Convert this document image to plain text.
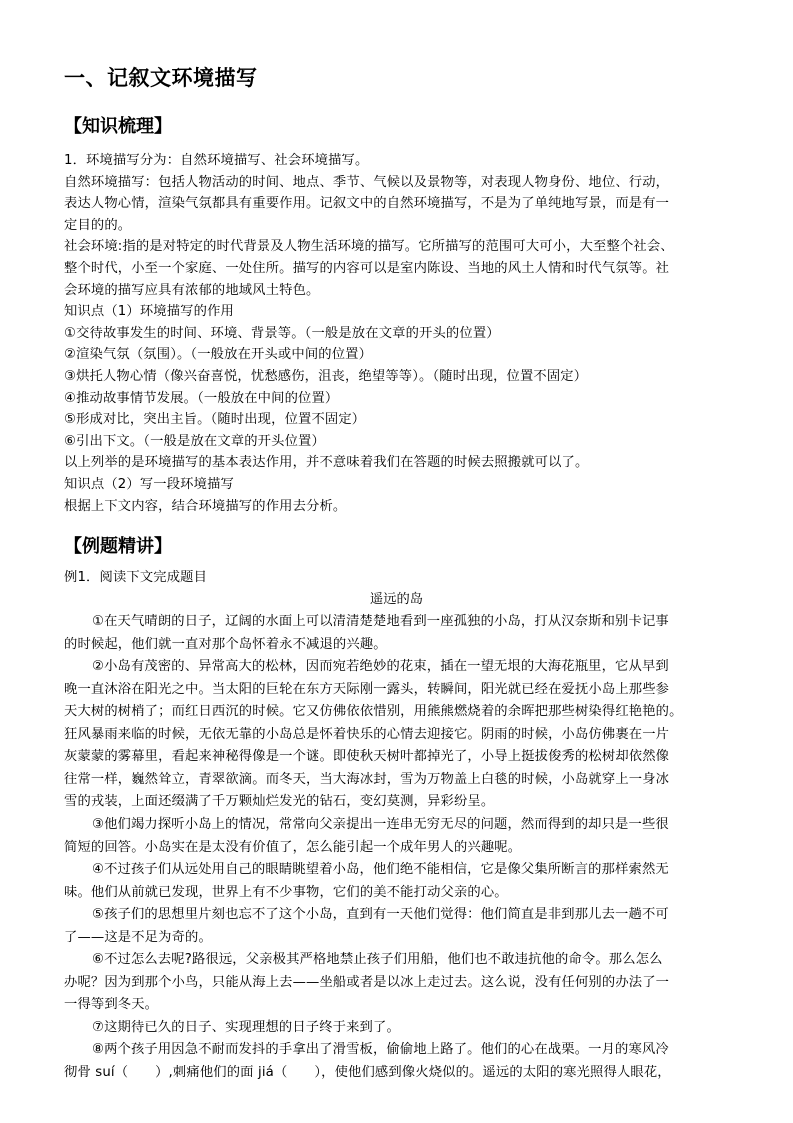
一、记叙文环境描写
【知识梳理】
1．环境描写分为：自然环境描写、社会环境描写。
自然环境描写：包括人物活动的时间、地点、季节、气候以及景物等，对表现人物身份、地位、行动，
表达人物心情，渲染气氛都具有重要作用。记叙文中的自然环境描写，不是为了单纯地写景，而是有一
定目的的。
社会环境:指的是对特定的时代背景及人物生活环境的描写。它所描写的范围可大可小，大至整个社会、
整个时代，小至一个家庭、一处住所。描写的内容可以是室内陈设、当地的风土人情和时代气氛等。社
会环境的描写应具有浓郁的地域风土特色。
知识点（1）环境描写的作用
①交待故事发生的时间、环境、背景等。（一般是放在文章的开头的位置）
②渲染气氛（氛围）。（一般放在开头或中间的位置）
③烘托人物心情（像兴奋喜悦，忧愁感伤，沮丧，绝望等等）。（随时出现，位置不固定）
④推动故事情节发展。（一般放在中间的位置）
⑤形成对比，突出主旨。（随时出现，位置不固定）
⑥引出下文。（一般是放在文章的开头位置）
以上列举的是环境描写的基本表达作用，并不意味着我们在答题的时候去照搬就可以了。
知识点（2）写一段环境描写
根据上下文内容，结合环境描写的作用去分析。
【例题精讲】
例1．阅读下文完成题目
遥远的岛
①在天气晴朗的日子，辽阔的水面上可以清清楚楚地看到一座孤独的小岛，打从汉奈斯和别卡记事
的时候起，他们就一直对那个岛怀着永不减退的兴趣。
②小岛有茂密的、异常高大的松林，因而宛若绝妙的花束，插在一望无垠的大海花瓶里，它从早到
晚一直沐浴在阳光之中。当太阳的巨轮在东方天际刚一露头，转瞬间，阳光就已经在爱抚小岛上那些参
天大树的树梢了；而红日西沉的时候。它又仿佛依依惜别，用熊熊燃烧着的余晖把那些树染得红艳艳的。
狂风暴雨来临的时候，无依无靠的小岛总是怀着快乐的心情去迎接它。阴雨的时候，小岛仿佛裹在一片
灰蒙蒙的雾幕里，看起来神秘得像是一个谜。即使秋天树叶都掉光了，小导上挺拔俊秀的松树却依然像
往常一样，巍然耸立，青翠欲滴。而冬天，当大海冰封，雪为万物盖上白毯的时候，小岛就穿上一身冰
雪的戎装，上面还缀满了千万颗灿烂发光的钻石，变幻莫测，异彩纷呈。
③他们竭力探听小岛上的情况，常常向父亲提出一连串无穷无尽的问题，然而得到的却只是一些很
简短的回答。小岛实在是太没有价值了，怎么能引起一个成年男人的兴趣呢。
④不过孩子们从远处用自己的眼睛眺望着小岛，他们绝不能相信，它是像父集所断言的那样索然无
味。他们从前就已发现，世界上有不少事物，它们的美不能打动父亲的心。
⑤孩子们的思想里片刻也忘不了这个小岛，直到有一天他们觉得：他们简直是非到那儿去一趟不可
了——这是不足为奇的。
⑥不过怎么去呢?路很远，父亲极其严格地禁止孩子们用船，他们也不敢违抗他的命令。那么怎么
办呢？因为到那个小鸟，只能从海上去——坐船或者是以冰上走过去。这么说，没有任何别的办法了一
一得等到冬天。
⑦这期待已久的日子、实现理想的日子终于来到了。
⑧两个孩子用因急不耐而发抖的手拿出了滑雪板，偷偷地上路了。他们的心在战栗。一月的寒风冷
彻骨 suí（　　）,刺痛他们的面 jiá（　　），使他们感到像火烧似的。遥远的太阳的寒光照得人眼花，
